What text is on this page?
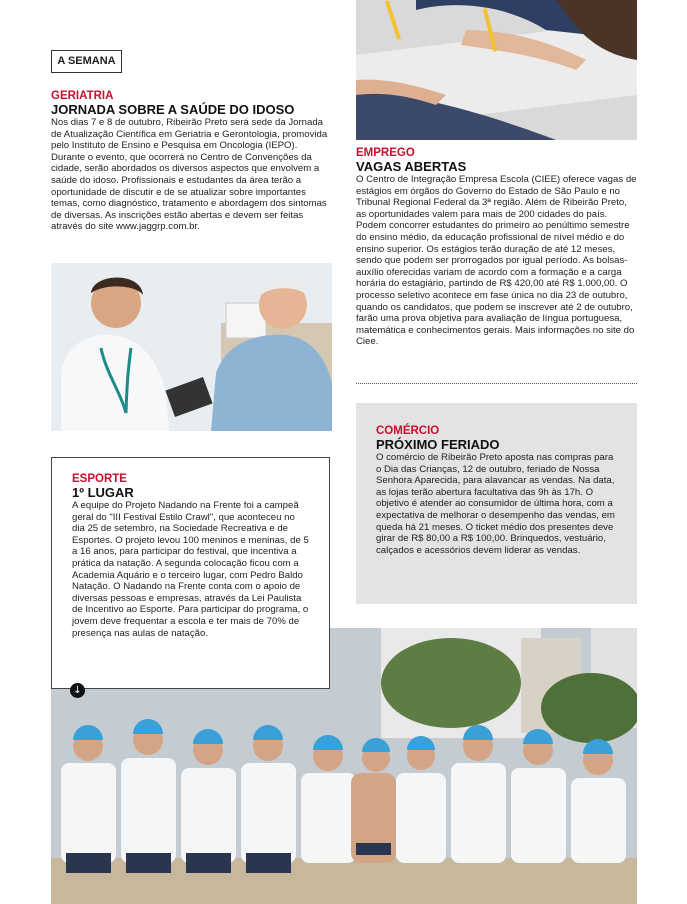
A SEMANA
GERIATRIA
JORNADA SOBRE A SAÚDE DO IDOSO

Nos dias 7 e 8 de outubro, Ribeirão Preto será sede da Jornada de Atualização Científica em Geriatria e Gerontologia, promovida pelo Instituto de Ensino e Pesquisa em Oncologia (IEPO). Durante o evento, que ocorrerá no Centro de Convenções da cidade, serão abordados os diversos aspectos que envolvem a saúde do idoso. Profissionais e estudantes da área terão a oportunidade de discutir e de se atualizar sobre importantes temas, como diagnóstico, tratamento e abordagem dos sintomas de diversas. As inscrições estão abertas e devem ser feitas através do site www.jaggrp.com.br.

EMPREGO
VAGAS ABERTAS

O Centro de Integração Empresa Escola (CIEE) oferece vagas de estágios em órgãos do Governo do Estado de São Paulo e no Tribunal Regional Federal da 3ª região. Além de Ribeirão Preto, as oportunidades valem para mais de 200 cidades do país. Podem concorrer estudantes do primeiro ao penúltimo semestre do ensino médio, da educação profissional de nível médio e do ensino superior. Os estágios terão duração de até 12 meses, sendo que podem ser prorrogados por igual período. As bolsas-auxílio oferecidas variam de acordo com a formação e a carga horária do estagiário, partindo de R$ 420,00 até R$ 1.000,00. O processo seletivo acontece em fase única no dia 23 de outubro, quando os candidatos, que podem se inscrever até 2 de outubro, farão uma prova objetiva para avaliação de língua portuguesa, matemática e conhecimentos gerais. Mais informações no site do Ciee.

COMÉRCIO
PRÓXIMO FERIADO

O comércio de Ribeirão Preto aposta nas compras para o Dia das Crianças, 12 de outubro, feriado de Nossa Senhora Aparecida, para alavancar as vendas. Na data, as lojas terão abertura facultativa das 9h às 17h. O objetivo é atender ao consumidor de última hora, com a expectativa de melhorar o desempenho das vendas, em queda há 21 meses. O ticket médio dos presentes deve girar de R$ 80,00 a R$ 100,00. Brinquedos, vestuário, calçados e acessórios devem liderar as vendas.

ESPORTE
1º LUGAR

A equipe do Projeto Nadando na Frente foi a campeã geral do "III Festival Estilo Crawl", que aconteceu no dia 25 de setembro, na Sociedade Recreativa e de Esportes. O projeto levou 100 meninos e meninas, de 5 a 16 anos, para participar do festival, que incentiva a prática da natação. A segunda colocação ficou com a Academia Aquário e o terceiro lugar, com Pedro Baldo Natação. O Nadando na Frente conta com o apoio de diversas pessoas e empresas, através da Lei Paulista de Incentivo ao Esporte. Para participar do programa, o jovem deve frequentar a escola e ter mais de 70% de presença nas aulas de natação.

↓
